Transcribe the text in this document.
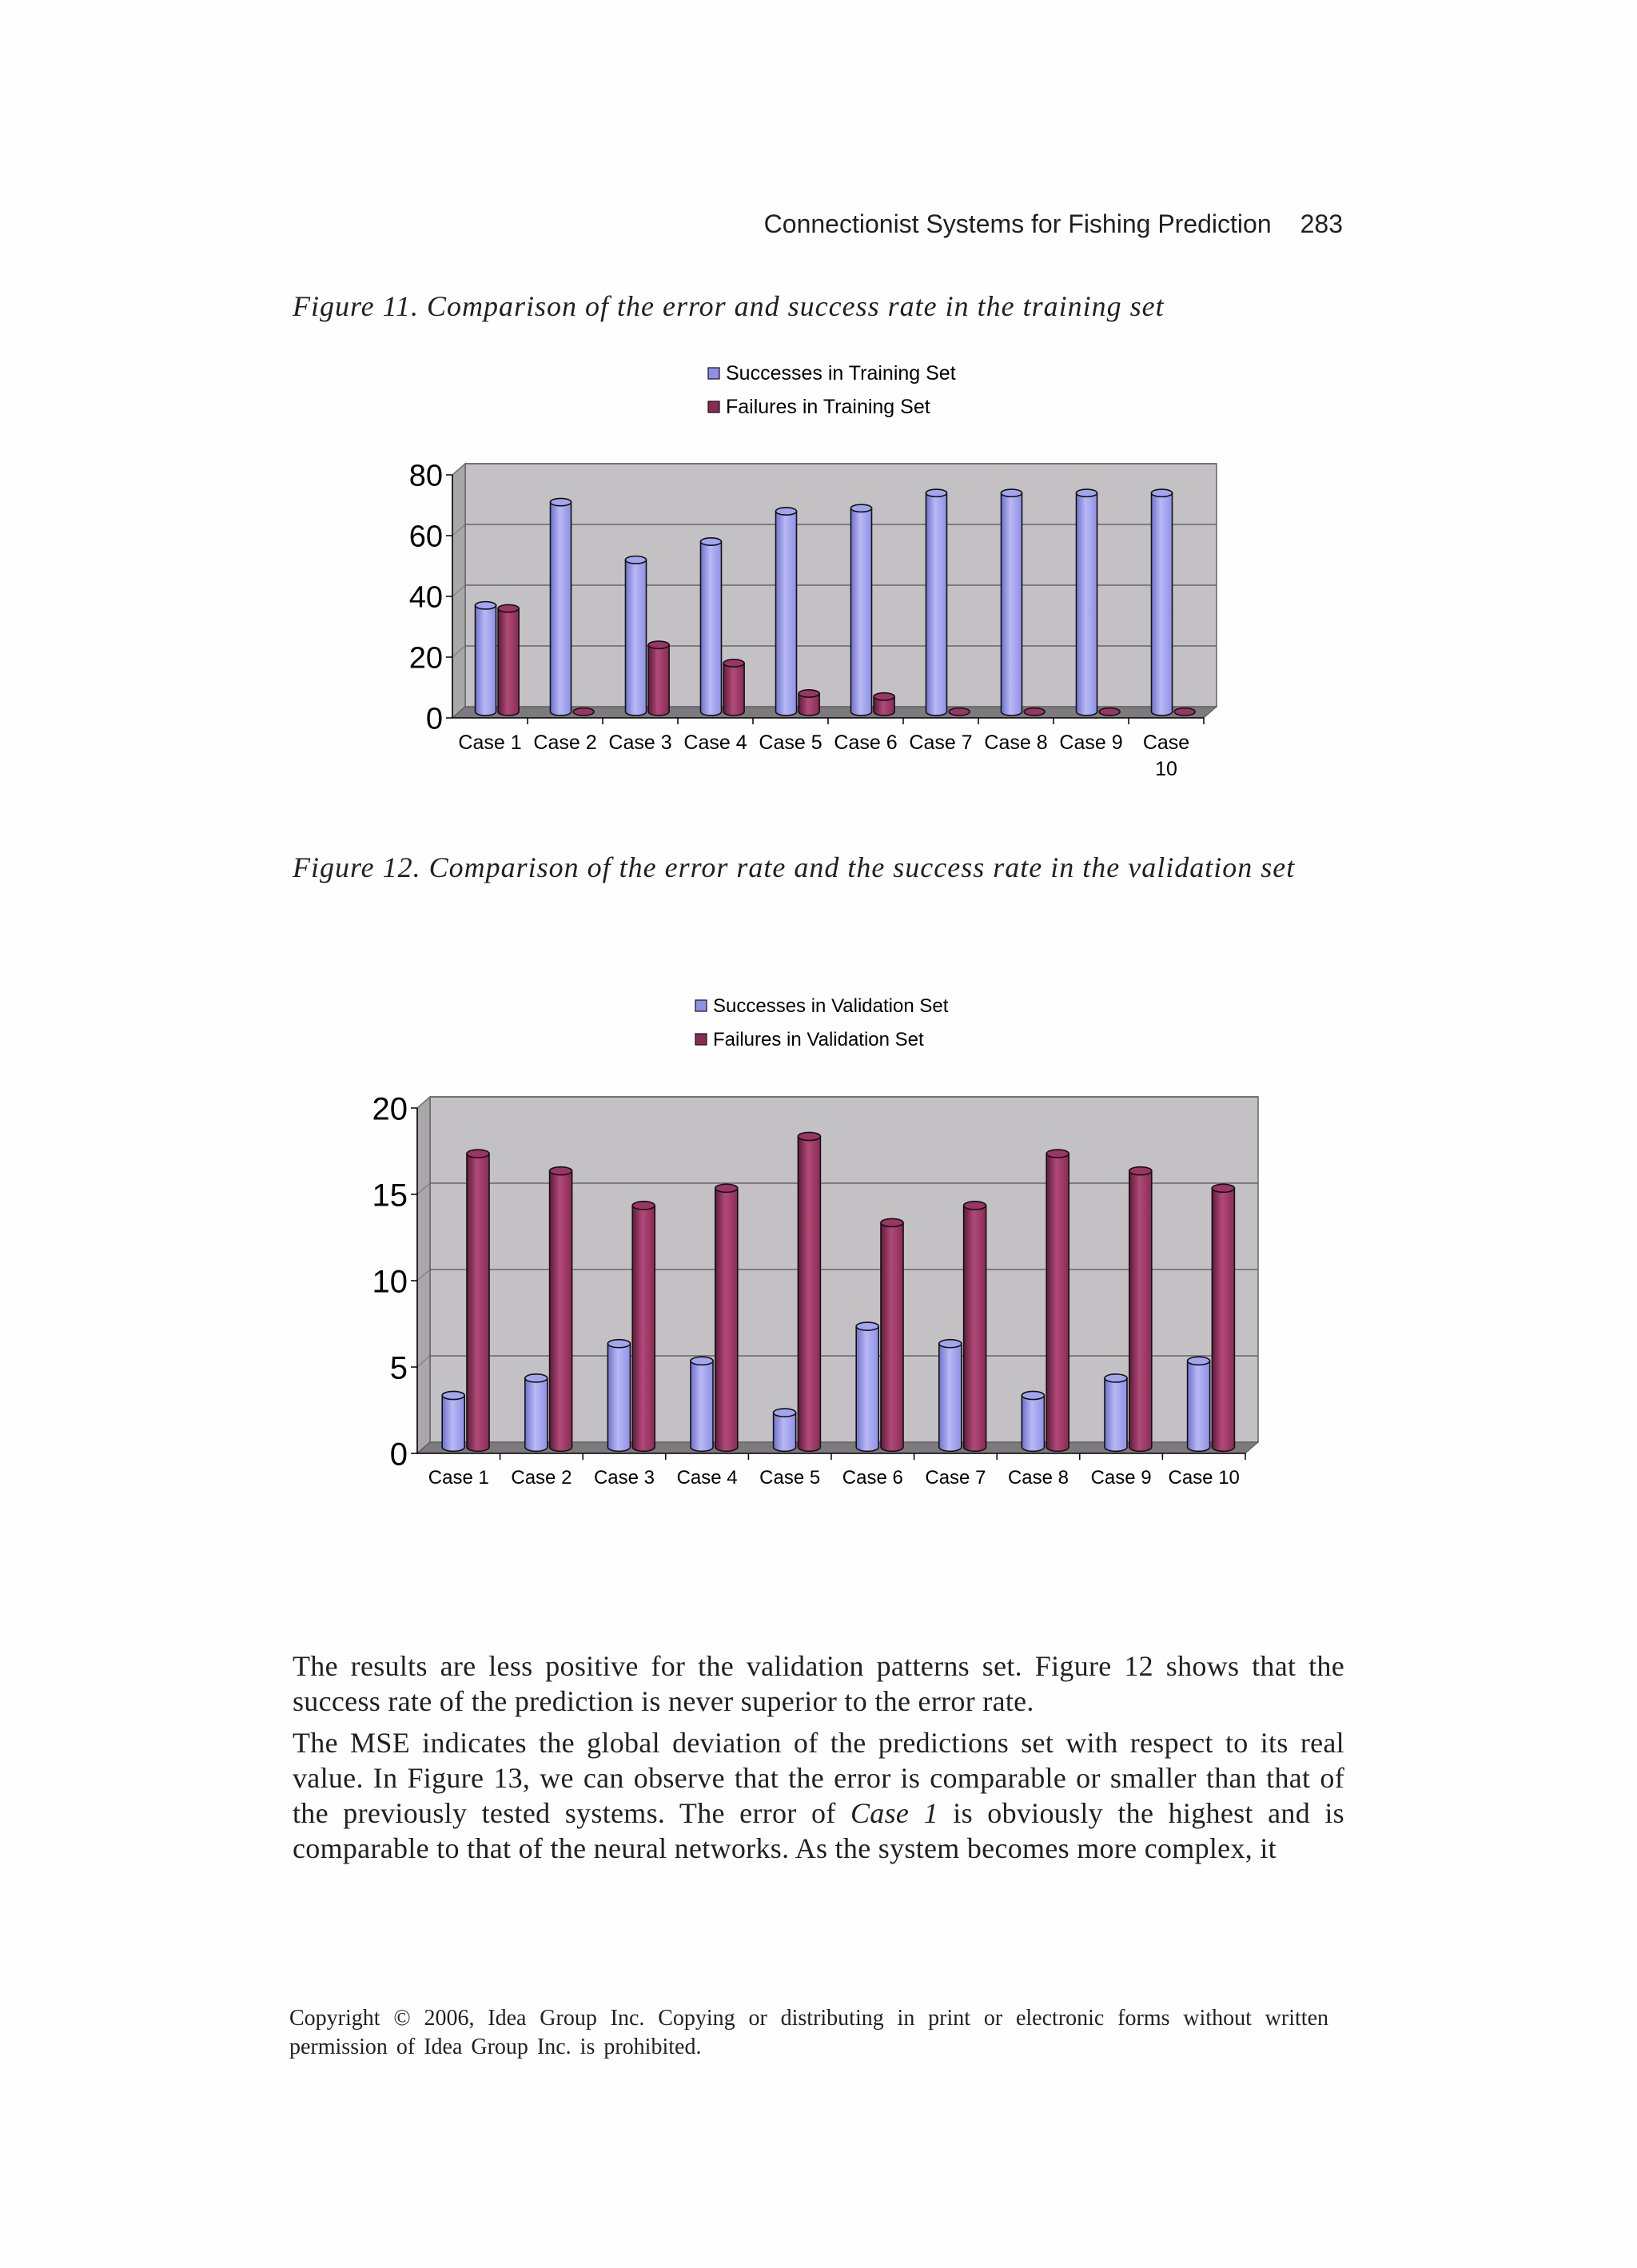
Connectionist Systems for Fishing Prediction 283
Figure 11. Comparison of the error and success rate in the training set
0
20
40
60
80
Case 1 Case 2 Case 3 Case 4 Case 5 Case 6 Case 7 Case 8 Case 9 Case
10
Successes in Training Set
Failures in Training Set
Figure 12. Comparison of the error rate and the success rate in the validation set
0
5
10
15
20
Case 1 Case 2 Case 3 Case 4 Case 5 Case 6 Case 7 Case 8 Case 9 Case 10
Successes in Validation Set
Failures in Validation Set

The results are less positive for the validation patterns set. Figure 12 shows that the success rate of the prediction is never superior to the error rate.

The MSE indicates the global deviation of the predictions set with respect to its real value. In Figure 13, we can observe that the error is comparable or smaller than that of the previously tested systems. The error of Case 1 is obviously the highest and is comparable to that of the neural networks. As the system becomes more complex, it

Copyright © 2006, Idea Group Inc. Copying or distributing in print or electronic forms without written permission of Idea Group Inc. is prohibited.
